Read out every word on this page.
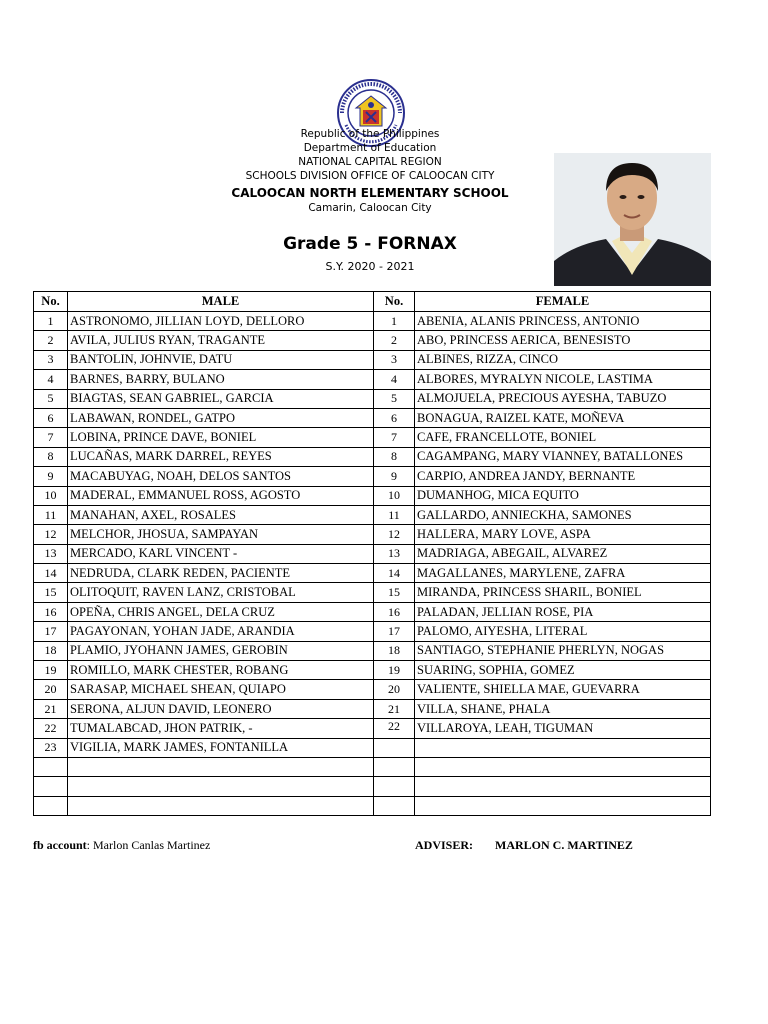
Republic of the Philippines
Department of Education
NATIONAL CAPITAL REGION
SCHOOLS DIVISION OFFICE OF CALOOCAN CITY
CALOOCAN NORTH ELEMENTARY SCHOOL
Camarin, Caloocan City
Grade 5 - FORNAX
S.Y. 2020 - 2021
No.	MALE	No.	FEMALE
1	ASTRONOMO, JILLIAN LOYD, DELLORO	1	ABENIA, ALANIS PRINCESS, ANTONIO
2	AVILA, JULIUS RYAN, TRAGANTE	2	ABO, PRINCESS AERICA, BENESISTO
3	BANTOLIN, JOHNVIE, DATU	3	ALBINES, RIZZA, CINCO
4	BARNES, BARRY, BULANO	4	ALBORES, MYRALYN NICOLE, LASTIMA
5	BIAGTAS, SEAN GABRIEL, GARCIA	5	ALMOJUELA, PRECIOUS AYESHA, TABUZO
6	LABAWAN, RONDEL, GATPO	6	BONAGUA, RAIZEL KATE, MOÑEVA
7	LOBINA, PRINCE DAVE, BONIEL	7	CAFE, FRANCELLOTE, BONIEL
8	LUCAÑAS, MARK DARREL, REYES	8	CAGAMPANG, MARY VIANNEY, BATALLONES
9	MACABUYAG, NOAH, DELOS SANTOS	9	CARPIO, ANDREA JANDY, BERNANTE
10	MADERAL, EMMANUEL ROSS, AGOSTO	10	DUMANHOG, MICA EQUITO
11	MANAHAN, AXEL, ROSALES	11	GALLARDO, ANNIECKHA, SAMONES
12	MELCHOR, JHOSUA, SAMPAYAN	12	HALLERA, MARY LOVE, ASPA
13	MERCADO, KARL VINCENT -	13	MADRIAGA, ABEGAIL, ALVAREZ
14	NEDRUDA, CLARK REDEN, PACIENTE	14	MAGALLANES, MARYLENE, ZAFRA
15	OLITOQUIT, RAVEN LANZ, CRISTOBAL	15	MIRANDA, PRINCESS SHARIL, BONIEL
16	OPEÑA, CHRIS ANGEL, DELA CRUZ	16	PALADAN, JELLIAN ROSE, PIA
17	PAGAYONAN, YOHAN JADE, ARANDIA	17	PALOMO, AIYESHA, LITERAL
18	PLAMIO, JYOHANN JAMES, GEROBIN	18	SANTIAGO, STEPHANIE PHERLYN, NOGAS
19	ROMILLO, MARK CHESTER, ROBANG	19	SUARING, SOPHIA, GOMEZ
20	SARASAP, MICHAEL SHEAN, QUIAPO	20	VALIENTE, SHIELLA MAE, GUEVARRA
21	SERONA, ALJUN DAVID, LEONERO	21	VILLA, SHANE, PHALA
22	TUMALABCAD, JHON PATRIK, -	22	VILLAROYA, LEAH, TIGUMAN
23	VIGILIA, MARK JAMES, FONTANILLA		

fb account: Marlon Canlas Martinez	ADVISER: MARLON C. MARTINEZ
